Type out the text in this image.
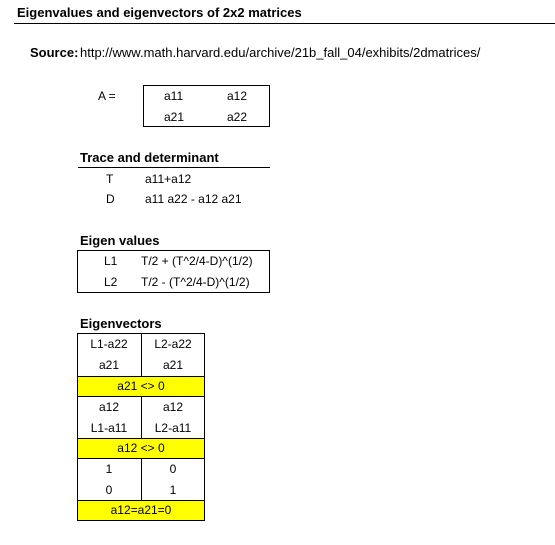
Eigenvalues and eigenvectors of 2x2 matrices
Source: http://www.math.harvard.edu/archive/21b_fall_04/exhibits/2dmatrices/
A =	a11	a12
a21	a22
Trace and determinant
T	a11+a12
D	a11 a22 - a12 a21
Eigen values
L1 T/2 + (T^2/4-D)^(1/2)
L2 T/2 - (T^2/4-D)^(1/2)
Eigenvectors
L1-a22	L2-a22
a21	a21
a21 <> 0
a12	a12
L1-a11	L2-a11
a12 <> 0
1	0
0	1
a12=a21=0
